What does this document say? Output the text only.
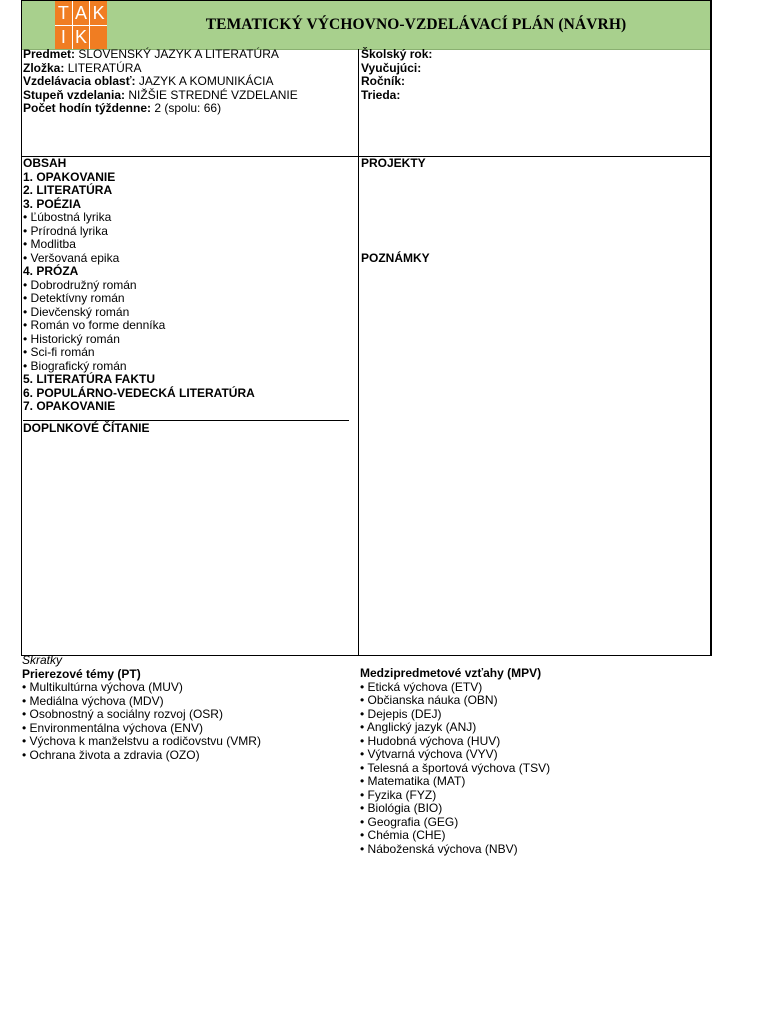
T A K
I K
TEMATICKÝ VÝCHOVNO-VZDELÁVACÍ PLÁN (NÁVRH)
Predmet: SLOVENSKÝ JAZYK A LITERATÚRA
Zložka: LITERATÚRA
Vzdelávacia oblasť: JAZYK A KOMUNIKÁCIA
Stupeň vzdelania: NIŽŠIE STREDNÉ VZDELANIE
Počet hodín týždenne: 2 (spolu: 66)
Školský rok:
Vyučujúci:
Ročník:
Trieda:
OBSAH
1. OPAKOVANIE
2. LITERATÚRA
3. POÉZIA
• Ľúbostná lyrika
• Prírodná lyrika
• Modlitba
• Veršovaná epika
4. PRÓZA
• Dobrodružný román
• Detektívny román
• Dievčenský román
• Román vo forme denníka
• Historický román
• Sci-fi román
• Biografický román
5. LITERATÚRA FAKTU
6. POPULÁRNO-VEDECKÁ LITERATÚRA
7. OPAKOVANIE
DOPLNKOVÉ ČÍTANIE
PROJEKTY
POZNÁMKY
Skratky
Prierezové témy (PT)
• Multikultúrna výchova (MUV)
• Mediálna výchova (MDV)
• Osobnostný a sociálny rozvoj (OSR)
• Environmentálna výchova (ENV)
• Výchova k manželstvu a rodičovstvu (VMR)
• Ochrana života a zdravia (OZO)
Medzipredmetové vzťahy (MPV)
• Etická výchova (ETV)
• Občianska náuka (OBN)
• Dejepis (DEJ)
• Anglický jazyk (ANJ)
• Hudobná výchova (HUV)
• Výtvarná výchova (VYV)
• Telesná a športová výchova (TSV)
• Matematika (MAT)
• Fyzika (FYZ)
• Biológia (BIO)
• Geografia (GEG)
• Chémia (CHE)
• Náboženská výchova (NBV)
